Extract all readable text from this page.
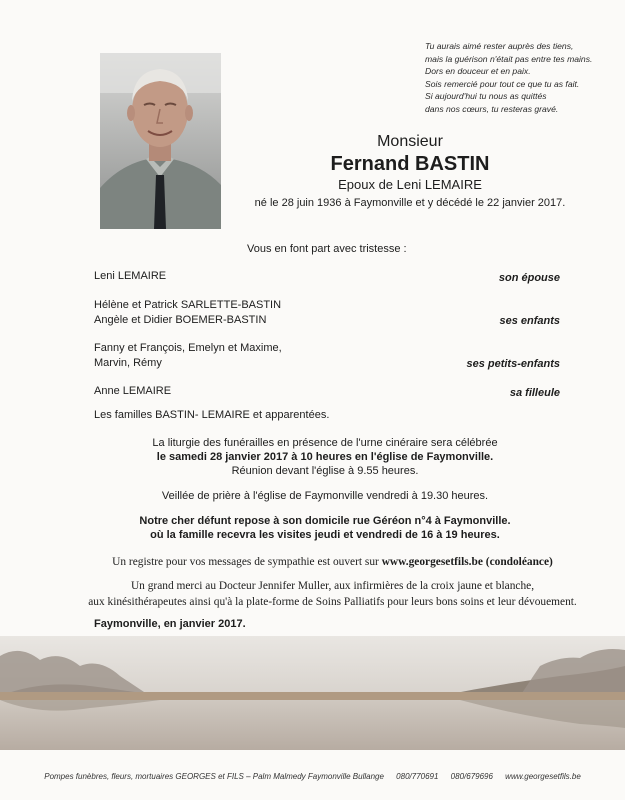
Tu aurais aimé rester auprès des tiens,
mais la guérison n'était pas entre tes mains.
Dors en douceur et en paix.
Sois remercié pour tout ce que tu as fait.
Si aujourd'hui tu nous as quittés
dans nos cœurs, tu resteras gravé.
Monsieur
Fernand BASTIN
Epoux de Leni LEMAIRE
né le 28 juin 1936 à Faymonville et y décédé le 22 janvier 2017.
Vous en font part avec tristesse :
Leni LEMAIRE	son épouse
Hélène et Patrick SARLETTE-BASTIN
Angèle et Didier BOEMER-BASTIN	ses enfants
Fanny et François, Emelyn et Maxime,
Marvin, Rémy	ses petits-enfants
Anne LEMAIRE	sa filleule
Les familles BASTIN- LEMAIRE et apparentées.
La liturgie des funérailles en présence de l'urne cinéraire sera célébrée
le samedi 28 janvier 2017 à 10 heures en l'église de Faymonville.
Réunion devant l'église à 9.55 heures.
Veillée de prière à l'église de Faymonville vendredi à 19.30 heures.
Notre cher défunt repose à son domicile rue Géréon n°4 à Faymonville.
où la famille recevra les visites jeudi et vendredi de 16 à 19 heures.
Un registre pour vos messages de sympathie est ouvert sur www.georgesetfils.be (condoléance)
Un grand merci au Docteur Jennifer Muller, aux infirmières de la croix jaune et blanche,
aux kinésithérapeutes ainsi qu'à la plate-forme de Soins Palliatifs pour leurs bons soins et leur dévouement.
Faymonville, en janvier 2017.
Pompes funèbres, fleurs, mortuaires GEORGES et FILS – Palm Malmedy Faymonville Bullange 080/770691 080/679696 www.georgesetfils.be
